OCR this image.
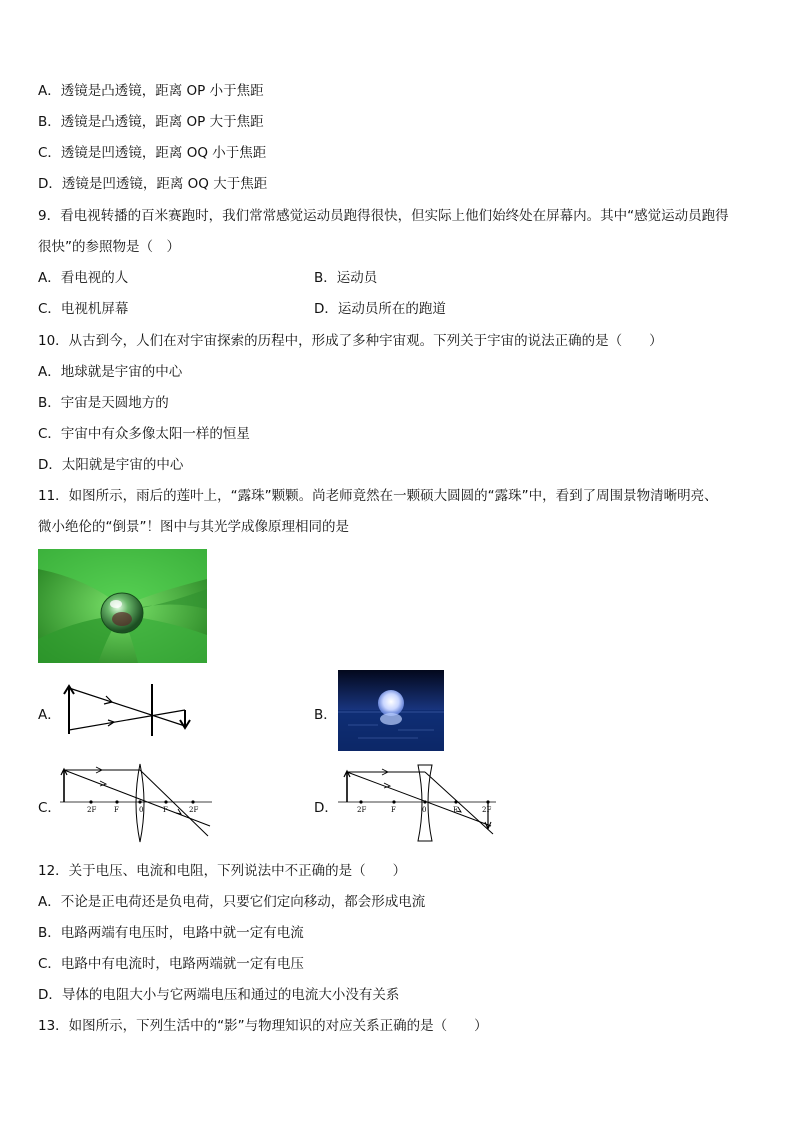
A．透镜是凸透镜，距离 OP 小于焦距
B．透镜是凸透镜，距离 OP 大于焦距
C．透镜是凹透镜，距离 OQ 小于焦距
D．透镜是凹透镜，距离 OQ 大于焦距
9．看电视转播的百米赛跑时，我们常常感觉运动员跑得很快，但实际上他们始终处在屏幕内。其中“感觉运动员跑得
很快”的参照物是（　）
A．看电视的人	B．运动员
C．电视机屏幕	D．运动员所在的跑道
10．从古到今，人们在对宇宙探索的历程中，形成了多种宇宙观。下列关于宇宙的说法正确的是（　　）
A．地球就是宇宙的中心
B．宇宙是天圆地方的
C．宇宙中有众多像太阳一样的恒星
D．太阳就是宇宙的中心
11．如图所示，雨后的莲叶上，“露珠”颗颗。尚老师竟然在一颗硕大圆圆的“露珠”中，看到了周围景物清晰明亮、
微小绝伦的“倒景”！图中与其光学成像原理相同的是
A．	B．
C．	2F	F	0	F	2F	D．	2F	F	0	F	2F
12．关于电压、电流和电阻，下列说法中不正确的是（　　）
A．不论是正电荷还是负电荷，只要它们定向移动，都会形成电流
B．电路两端有电压时，电路中就一定有电流
C．电路中有电流时，电路两端就一定有电压
D．导体的电阻大小与它两端电压和通过的电流大小没有关系
13．如图所示，下列生活中的“影”与物理知识的对应关系正确的是（　　）
